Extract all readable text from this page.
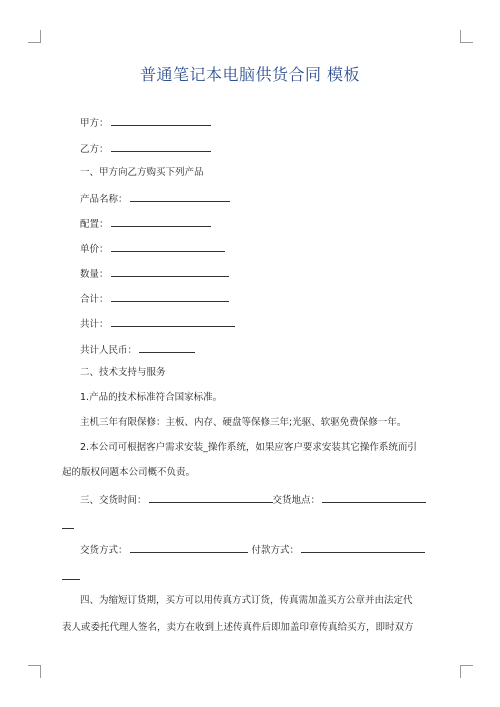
普通笔记本电脑供货合同 模板
甲方：
乙方：
一、甲方向乙方购买下列产品
产品名称：
配置：
单价：
数量：
合计：
共计：
共计人民币：
二、技术支持与服务
1.产品的技术标准符合国家标准。
主机三年有限保修：主板、内存、硬盘等保修三年;光驱、软驱免费保修一年。
2.本公司可根据客户需求安装_操作系统，如果应客户要求安装其它操作系统而引
起的版权问题本公司概不负责。
三、交货时间：	交货地点：
交货方式：	付款方式：
四、为缩短订货期，买方可以用传真方式订货，传真需加盖买方公章并由法定代
表人或委托代理人签名，卖方在收到上述传真件后即加盖印章传真给买方，即时双方
